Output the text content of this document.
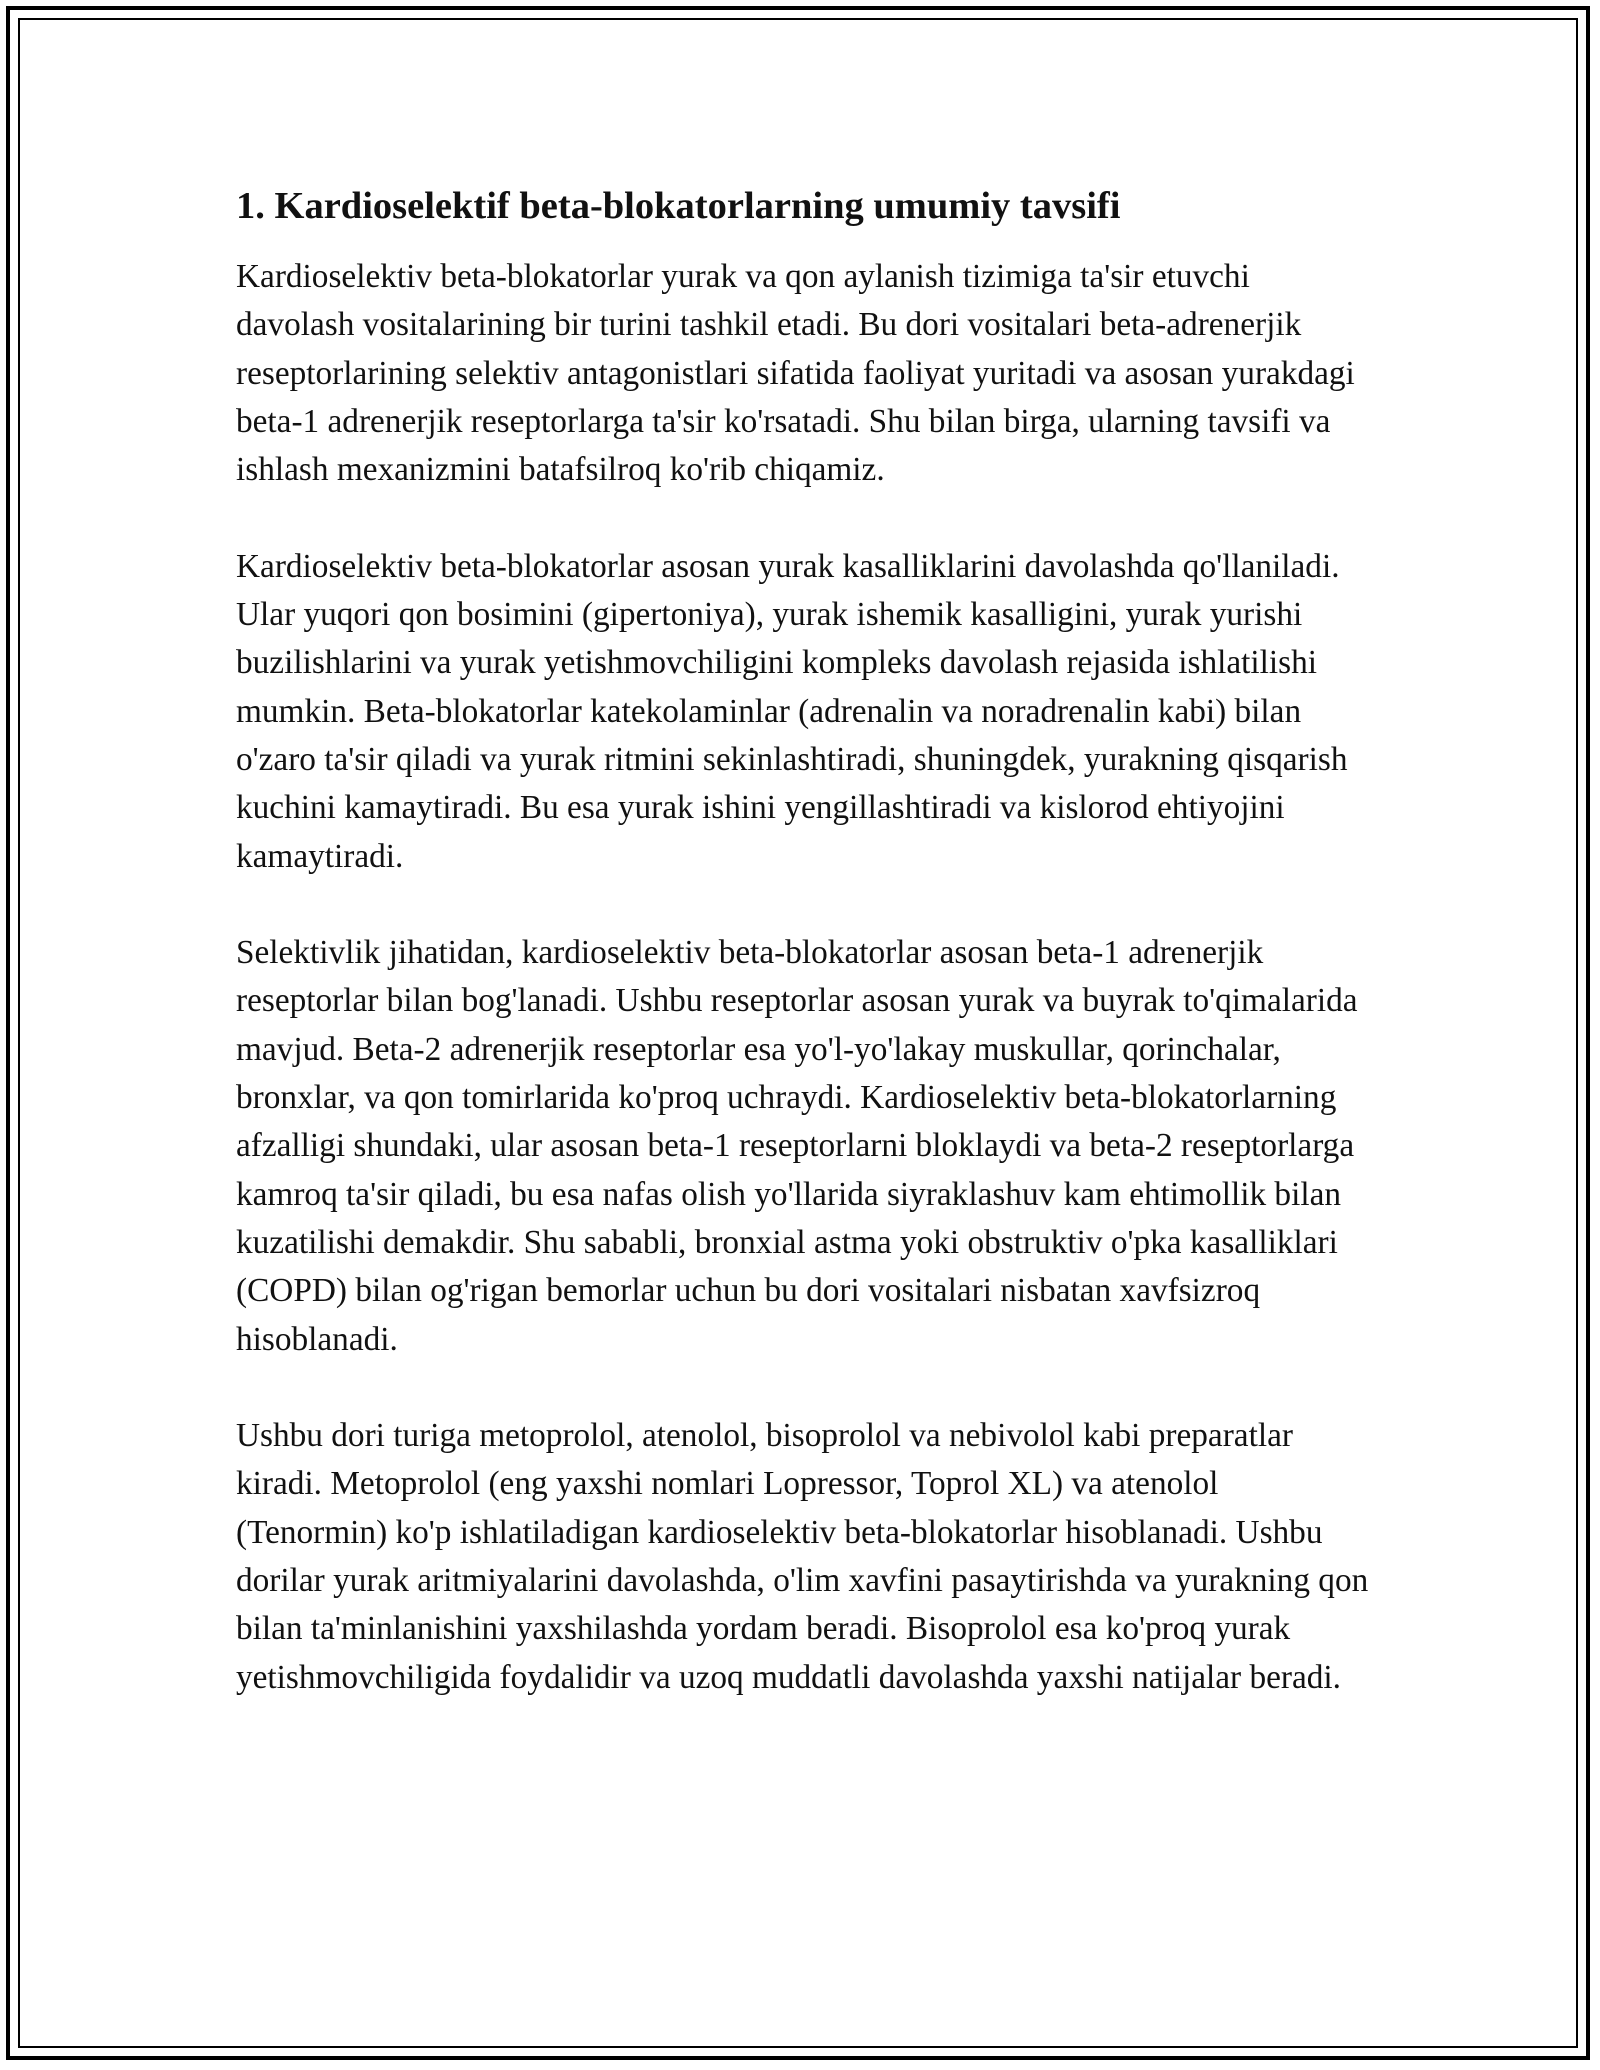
1. Kardioselektif beta-blokatorlarning umumiy tavsifi

Kardioselektiv beta-blokatorlar yurak va qon aylanish tizimiga ta'sir etuvchi davolash vositalarining bir turini tashkil etadi. Bu dori vositalari beta-adrenerjik reseptorlarining selektiv antagonistlari sifatida faoliyat yuritadi va asosan yurakdagi beta-1 adrenerjik reseptorlarga ta'sir ko'rsatadi. Shu bilan birga, ularning tavsifi va ishlash mexanizmini batafsilroq ko'rib chiqamiz.

Kardioselektiv beta-blokatorlar asosan yurak kasalliklarini davolashda qo'llaniladi. Ular yuqori qon bosimini (gipertoniya), yurak ishemik kasalligini, yurak yurishi buzilishlarini va yurak yetishmovchiligini kompleks davolash rejasida ishlatilishi mumkin. Beta-blokatorlar katekolaminlar (adrenalin va noradrenalin kabi) bilan o'zaro ta'sir qiladi va yurak ritmini sekinlashtiradi, shuningdek, yurakning qisqarish kuchini kamaytiradi. Bu esa yurak ishini yengillashtiradi va kislorod ehtiyojini kamaytiradi.

Selektivlik jihatidan, kardioselektiv beta-blokatorlar asosan beta-1 adrenerjik reseptorlar bilan bog'lanadi. Ushbu reseptorlar asosan yurak va buyrak to'qimalarida mavjud. Beta-2 adrenerjik reseptorlar esa yo'l-yo'lakay muskullar, qorinchalar, bronxlar, va qon tomirlarida ko'proq uchraydi. Kardioselektiv beta-blokatorlarning afzalligi shundaki, ular asosan beta-1 reseptorlarni bloklaydi va beta-2 reseptorlarga kamroq ta'sir qiladi, bu esa nafas olish yo'llarida siyraklashuv kam ehtimollik bilan kuzatilishi demakdir. Shu sababli, bronxial astma yoki obstruktiv o'pka kasalliklari (COPD) bilan og'rigan bemorlar uchun bu dori vositalari nisbatan xavfsizroq hisoblanadi.

Ushbu dori turiga metoprolol, atenolol, bisoprolol va nebivolol kabi preparatlar kiradi. Metoprolol (eng yaxshi nomlari Lopressor, Toprol XL) va atenolol (Tenormin) ko'p ishlatiladigan kardioselektiv beta-blokatorlar hisoblanadi. Ushbu dorilar yurak aritmiyalarini davolashda, o'lim xavfini pasaytirishda va yurakning qon bilan ta'minlanishini yaxshilashda yordam beradi. Bisoprolol esa ko'proq yurak yetishmovchiligida foydalidir va uzoq muddatli davolashda yaxshi natijalar beradi.
